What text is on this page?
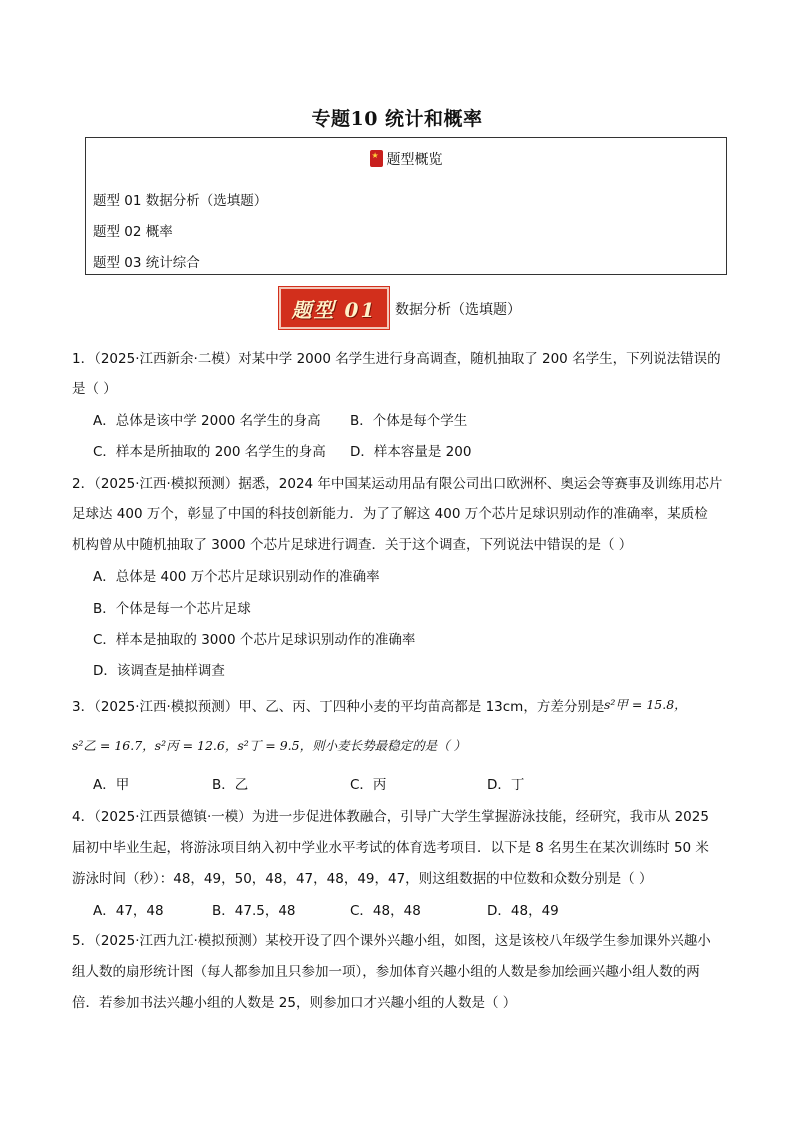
专题10 统计和概率
★题型概览
题型 01 数据分析（选填题）
题型 02 概率
题型 03 统计综合
题型 01 数据分析（选填题）
1．（2025·江西新余·二模）对某中学 2000 名学生进行身高调查，随机抽取了 200 名学生，下列说法错误的
是（ ）
A．总体是该中学 2000 名学生的身高 B．个体是每个学生
C．样本是所抽取的 200 名学生的身高 D．样本容量是 200
2．（2025·江西·模拟预测）据悉，2024 年中国某运动用品有限公司出口欧洲杯、奥运会等赛事及训练用芯片
足球达 400 万个，彰显了中国的科技创新能力．为了了解这 400 万个芯片足球识别动作的准确率，某质检
机构曾从中随机抽取了 3000 个芯片足球进行调查．关于这个调查，下列说法中错误的是（ ）
A．总体是 400 万个芯片足球识别动作的准确率
B．个体是每一个芯片足球
C．样本是抽取的 3000 个芯片足球识别动作的准确率
D．该调查是抽样调查
3．（2025·江西·模拟预测）甲、乙、丙、丁四种小麦的平均苗高都是 13cm，方差分别是 s²甲 = 15.8，
s²乙 = 16.7，s²丙 = 12.6，s²丁 = 9.5，则小麦长势最稳定的是（ ）
A．甲	B．乙	C．丙	D．丁
4．（2025·江西景德镇·一模）为进一步促进体教融合，引导广大学生掌握游泳技能，经研究，我市从 2025
届初中毕业生起，将游泳项目纳入初中学业水平考试的体育选考项目．以下是 8 名男生在某次训练时 50 米
游泳时间（秒）：48，49，50，48，47，48，49，47，则这组数据的中位数和众数分别是（ ）
A．47，48	B．47.5，48	C．48，48	D．48，49
5．（2025·江西九江·模拟预测）某校开设了四个课外兴趣小组，如图，这是该校八年级学生参加课外兴趣小
组人数的扇形统计图（每人都参加且只参加一项），参加体育兴趣小组的人数是参加绘画兴趣小组人数的两
倍．若参加书法兴趣小组的人数是 25，则参加口才兴趣小组的人数是（ ）
